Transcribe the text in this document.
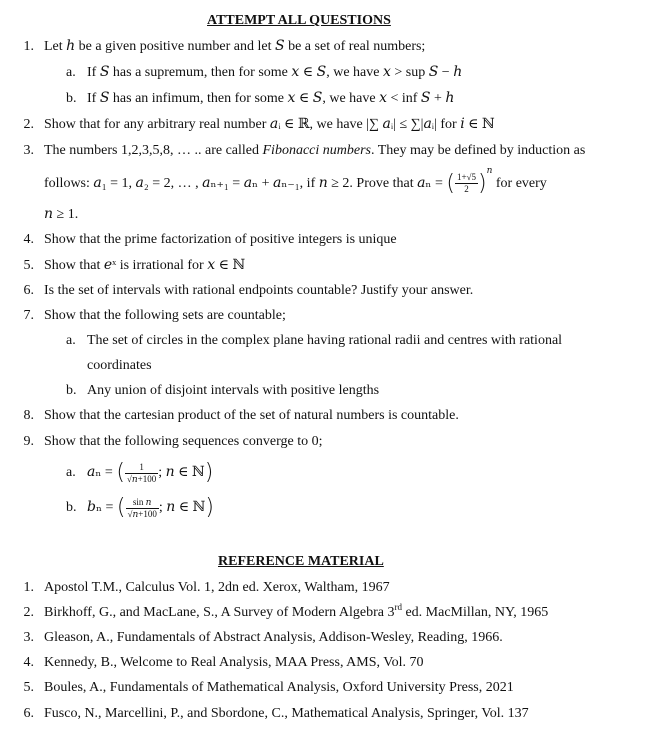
ATTEMPT ALL QUESTIONS
1. Let ℎ be a given positive number and let 𝑆 be a set of real numbers;
a. If 𝑆 has a supremum, then for some 𝑥 ∈ 𝑆, we have 𝑥 > sup 𝑆 − ℎ
b. If 𝑆 has an infimum, then for some 𝑥 ∈ 𝑆, we have 𝑥 < inf 𝑆 + ℎ
2. Show that for any arbitrary real number 𝑎ᵢ ∈ ℝ, we have |∑ 𝑎ᵢ| ≤ ∑|𝑎ᵢ| for 𝑖 ∈ ℕ
3. The numbers 1,2,3,5,8, … .. are called Fibonacci numbers. They may be defined by induction as
follows: 𝑎₁ = 1, 𝑎₂ = 2, … , 𝑎ₙ₊₁ = 𝑎ₙ + 𝑎ₙ₋₁, if 𝑛 ≥ 2. Prove that 𝑎ₙ = ( $\frac{1+√5}{2} )^𝑛$ for every
𝑛 ≥ 1.
4. Show that the prime factorization of positive integers is unique
5. Show that 𝑒ˣ is irrational for 𝑥 ∈ ℕ
6. Is the set of intervals with rational endpoints countable? Justify your answer.
7. Show that the following sets are countable;
a. The set of circles in the complex plane having rational radii and centres with rational
coordinates
b. Any union of disjoint intervals with positive lengths
8. Show that the cartesian product of the set of natural numbers is countable.
9. Show that the following sequences converge to 0;
a. 𝑎ₙ = ( $\frac{1}{\text{√𝑛+100}}$ ; 𝑛 ∈ ℕ)
b. 𝑏ₙ = ( $\frac{\text{sin 𝑛}}{\text{√𝑛+100}}$ ; 𝑛 ∈ ℕ)
REFERENCE MATERIAL
1. Apostol T.M., Calculus Vol. 1, 2dn ed. Xerox, Waltham, 1967
2. Birkhoff, G., and MacLane, S., A Survey of Modern Algebra 3rd ed. MacMillan, NY, 1965
3. Gleason, A., Fundamentals of Abstract Analysis, Addison-Wesley, Reading, 1966.
4. Kennedy, B., Welcome to Real Analysis, MAA Press, AMS, Vol. 70
5. Boules, A., Fundamentals of Mathematical Analysis, Oxford University Press, 2021
6. Fusco, N., Marcellini, P., and Sbordone, C., Mathematical Analysis, Springer, Vol. 137
